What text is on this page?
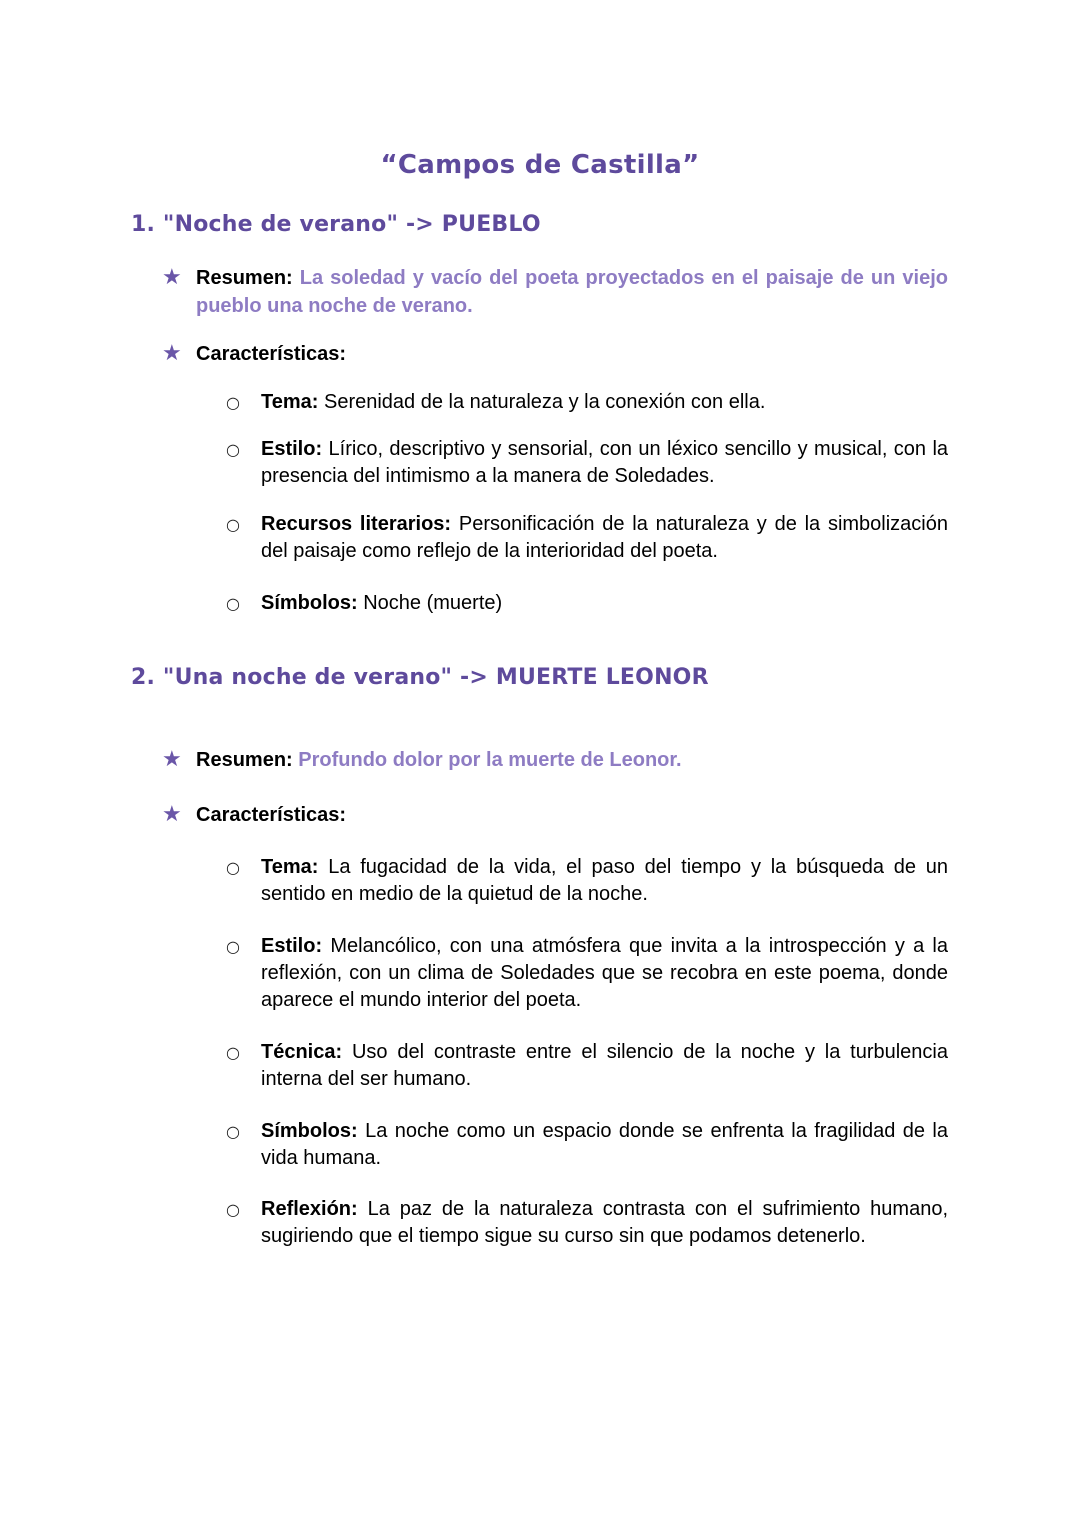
“Campos de Castilla”
1. "Noche de verano" -> PUEBLO
★ Resumen: La soledad y vacío del poeta proyectados en el paisaje de un viejo pueblo una noche de verano.
★ Características:
○ Tema: Serenidad de la naturaleza y la conexión con ella.
○ Estilo: Lírico, descriptivo y sensorial, con un léxico sencillo y musical, con la presencia del intimismo a la manera de Soledades.
○ Recursos literarios: Personificación de la naturaleza y de la simbolización del paisaje como reflejo de la interioridad del poeta.
○ Símbolos: Noche (muerte)
2. "Una noche de verano" -> MUERTE LEONOR
★ Resumen: Profundo dolor por la muerte de Leonor.
★ Características:
○ Tema: La fugacidad de la vida, el paso del tiempo y la búsqueda de un sentido en medio de la quietud de la noche.
○ Estilo: Melancólico, con una atmósfera que invita a la introspección y a la reflexión, con un clima de Soledades que se recobra en este poema, donde aparece el mundo interior del poeta.
○ Técnica: Uso del contraste entre el silencio de la noche y la turbulencia interna del ser humano.
○ Símbolos: La noche como un espacio donde se enfrenta la fragilidad de la vida humana.
○ Reflexión: La paz de la naturaleza contrasta con el sufrimiento humano, sugiriendo que el tiempo sigue su curso sin que podamos detenerlo.
